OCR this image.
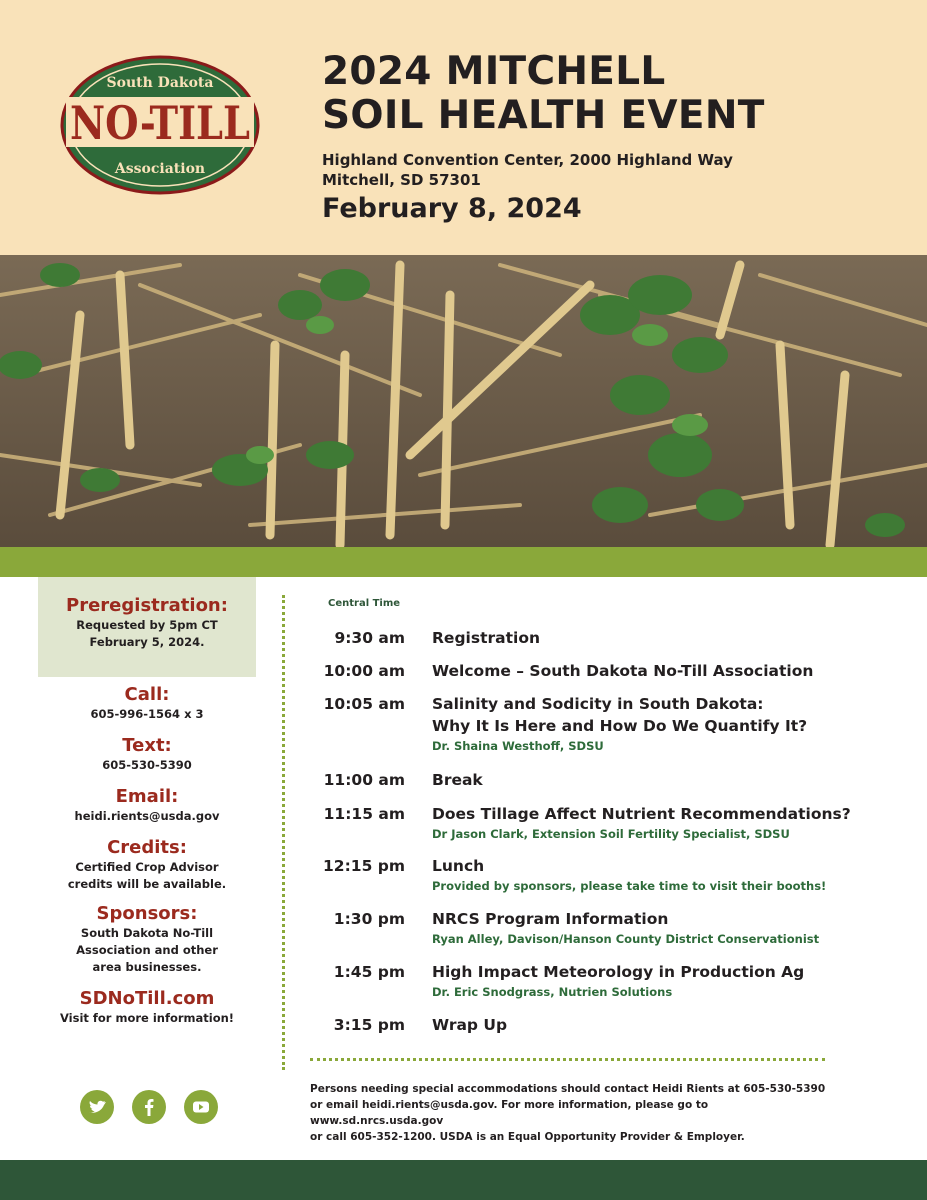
South Dakota
NO-TILL
Association
2024 MITCHELL
SOIL HEALTH EVENT
Highland Convention Center, 2000 Highland Way
Mitchell, SD 57301
February 8, 2024
Preregistration:
Requested by 5pm CT
February 5, 2024.
Call:
605-996-1564 x 3
Text:
605-530-5390
Email:
heidi.rients@usda.gov
Credits:
Certified Crop Advisor
credits will be available.
Sponsors:
South Dakota No-Till
Association and other
area businesses.
SDNoTill.com
Visit for more information!
Central Time
9:30 am Registration
10:00 am Welcome – South Dakota No-Till Association
10:05 am Salinity and Sodicity in South Dakota:
Why It Is Here and How Do We Quantify It?
Dr. Shaina Westhoff, SDSU
11:00 am Break
11:15 am Does Tillage Affect Nutrient Recommendations?
Dr Jason Clark, Extension Soil Fertility Specialist, SDSU
12:15 pm Lunch
Provided by sponsors, please take time to visit their booths!
1:30 pm NRCS Program Information
Ryan Alley, Davison/Hanson County District Conservationist
1:45 pm High Impact Meteorology in Production Ag
Dr. Eric Snodgrass, Nutrien Solutions
3:15 pm Wrap Up
Persons needing special accommodations should contact Heidi Rients at 605-530-5390
or email heidi.rients@usda.gov. For more information, please go to www.sd.nrcs.usda.gov
or call 605-352-1200. USDA is an Equal Opportunity Provider & Employer.
